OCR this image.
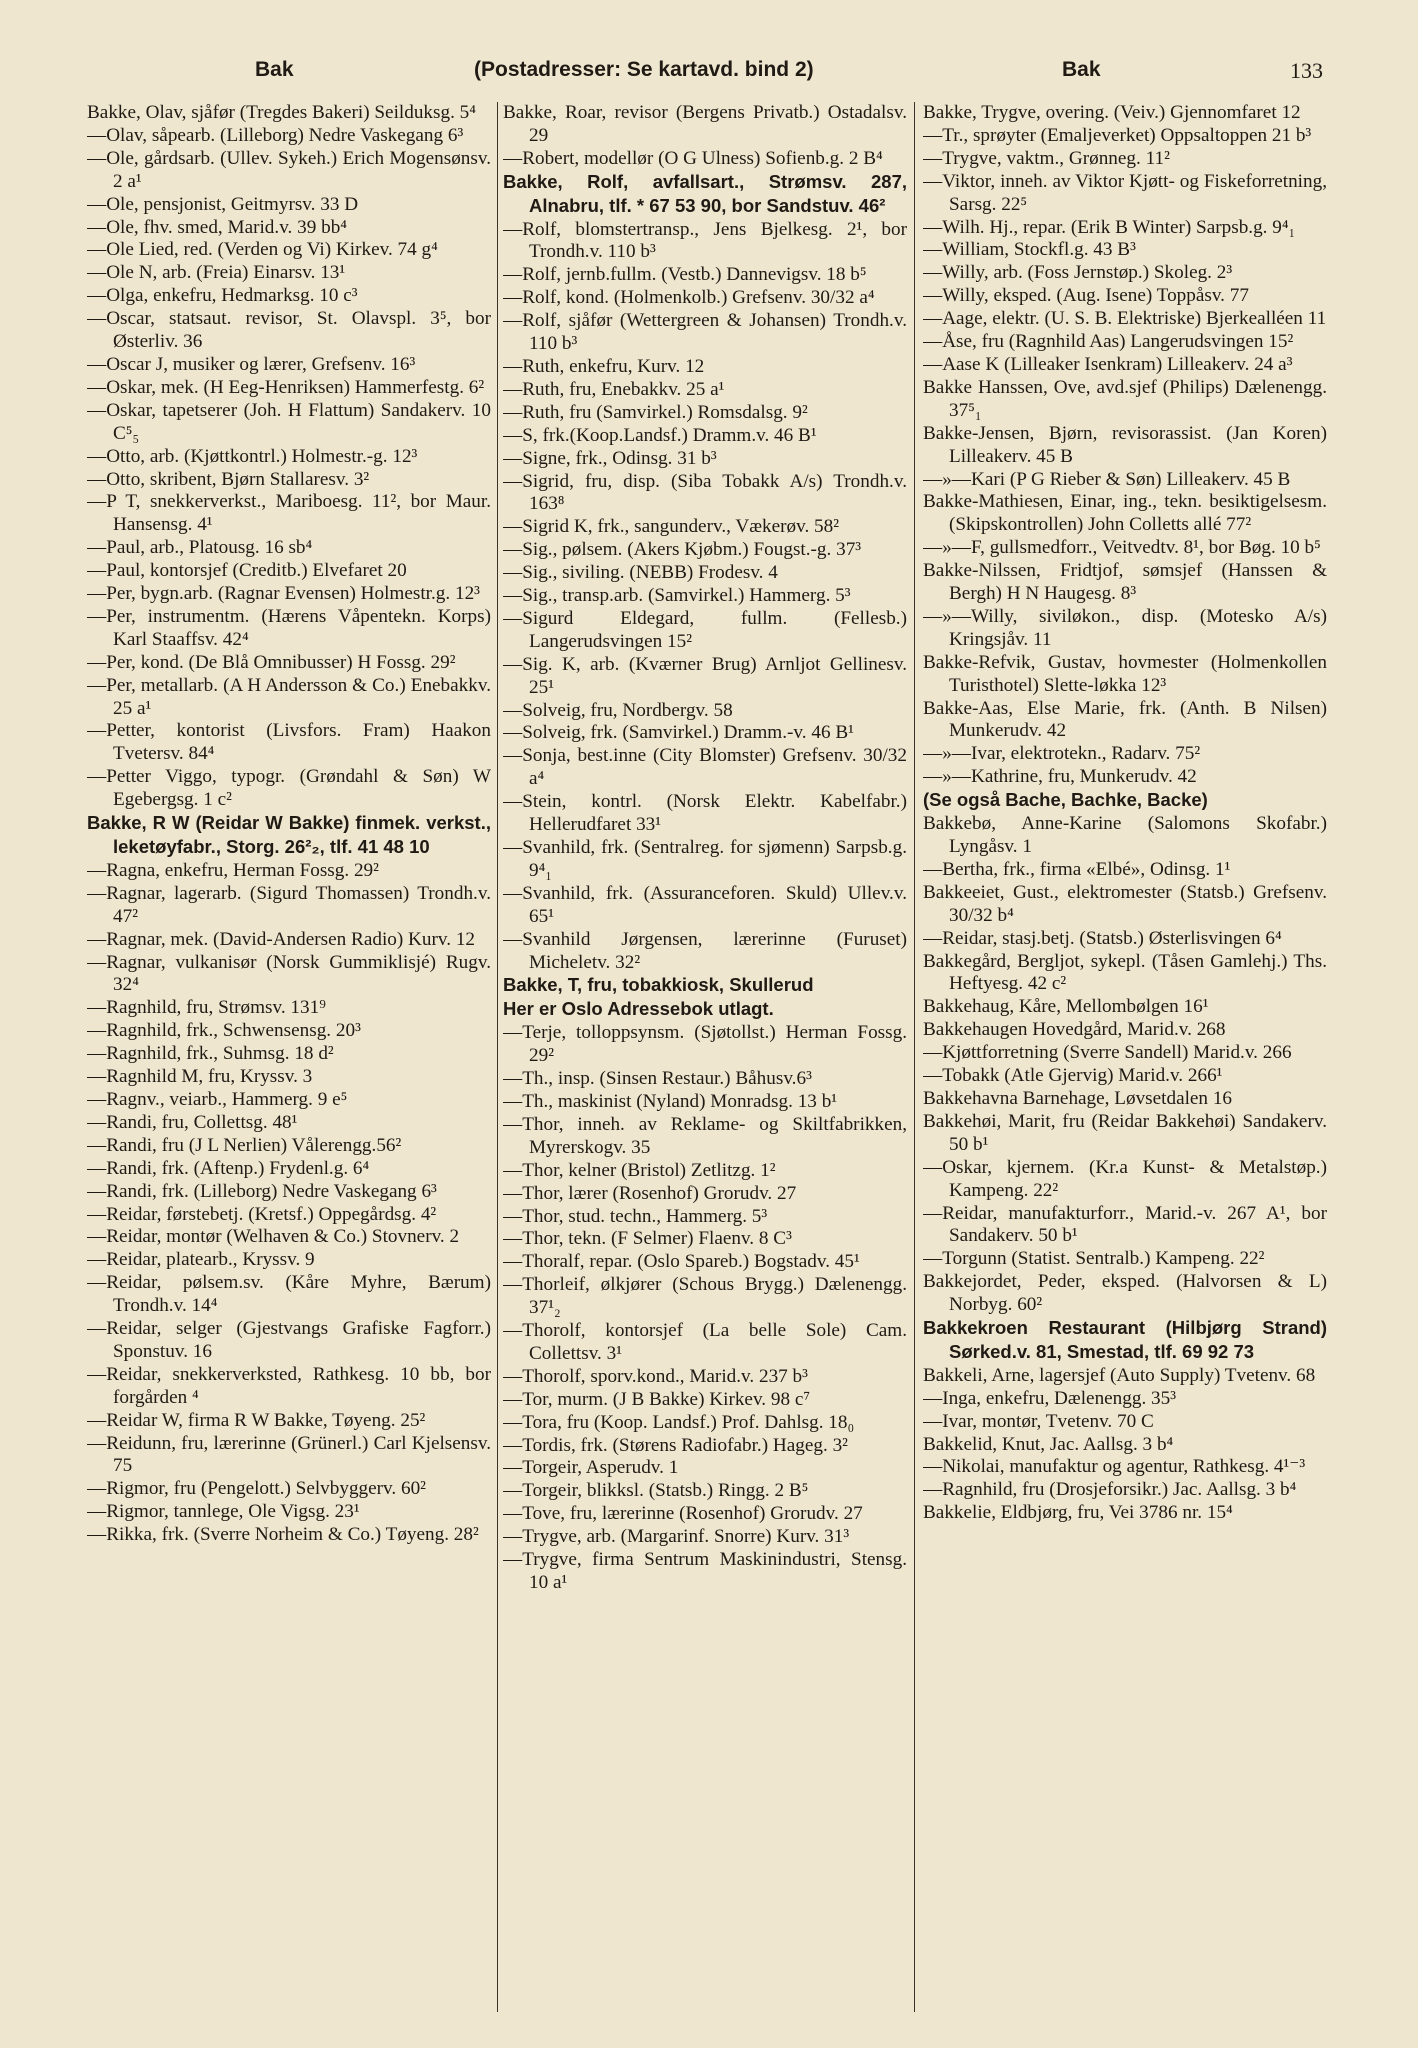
Bak	(Postadresser: Se kartavd. bind 2)	Bak	133
Bakke, Olav, sjåfør (Tregdes Bakeri) Seilduksg. 5⁴
—Olav, såpearb. (Lilleborg) Nedre Vaskegang 6³
—Ole, gårdsarb. (Ullev. Sykeh.) Erich Mogensønsv. 2 a¹
—Ole, pensjonist, Geitmyrsv. 33 D
—Ole, fhv. smed, Marid.v. 39 bb⁴
—Ole Lied, red. (Verden og Vi) Kirkev. 74 g⁴
—Ole N, arb. (Freia) Einarsv. 13¹
—Olga, enkefru, Hedmarksg. 10 c³
—Oscar, statsaut. revisor, St. Olavspl. 3⁵, bor Østerliv. 36
—Oscar J, musiker og lærer, Grefsenv. 16³
—Oskar, mek. (H Eeg-Henriksen) Hammerfestg. 6²
—Oskar, tapetserer (Joh. H Flattum) Sandakerv. 10 C⁵₅
—Otto, arb. (Kjøttkontrl.) Holmestr.-g. 12³
—Otto, skribent, Bjørn Stallaresv. 3²
—P T, snekkerverkst., Mariboesg. 11², bor Maur. Hansensg. 4¹
—Paul, arb., Platousg. 16 sb⁴
—Paul, kontorsjef (Creditb.) Elvefaret 20
—Per, bygn.arb. (Ragnar Evensen) Holmestr.g. 12³
—Per, instrumentm. (Hærens Våpentekn. Korps) Karl Staaffsv. 42⁴
—Per, kond. (De Blå Omnibusser) H Fossg. 29²
—Per, metallarb. (A H Andersson & Co.) Enebakkv. 25 a¹
—Petter, kontorist (Livsfors. Fram) Haakon Tvetersv. 84⁴
—Petter Viggo, typogr. (Grøndahl & Søn) W Egebergsg. 1 c²
Bakke, R W (Reidar W Bakke) finmek. verkst., leketøyfabr., Storg. 26²₂, tlf. 41 48 10
—Ragna, enkefru, Herman Fossg. 29²
—Ragnar, lagerarb. (Sigurd Thomassen) Trondh.v. 47²
—Ragnar, mek. (David-Andersen Radio) Kurv. 12
—Ragnar, vulkanisør (Norsk Gummiklisjé) Rugv. 32⁴
—Ragnhild, fru, Strømsv. 131⁹
—Ragnhild, frk., Schwensensg. 20³
—Ragnhild, frk., Suhmsg. 18 d²
—Ragnhild M, fru, Kryssv. 3
—Ragnv., veiarb., Hammerg. 9 e⁵
—Randi, fru, Collettsg. 48¹
—Randi, fru (J L Nerlien) Vålerengg.56²
—Randi, frk. (Aftenp.) Frydenl.g. 6⁴
—Randi, frk. (Lilleborg) Nedre Vaskegang 6³
—Reidar, førstebetj. (Kretsf.) Oppegårdsg. 4²
—Reidar, montør (Welhaven & Co.) Stovnerv. 2
—Reidar, platearb., Kryssv. 9
—Reidar, pølsem.sv. (Kåre Myhre, Bærum) Trondh.v. 14⁴
—Reidar, selger (Gjestvangs Grafiske Fagforr.) Sponstuv. 16
—Reidar, snekkerverksted, Rathkesg. 10 bb, bor forgården ⁴
—Reidar W, firma R W Bakke, Tøyeng. 25²
—Reidunn, fru, lærerinne (Grünerl.) Carl Kjelsensv. 75
—Rigmor, fru (Pengelott.) Selvbyggerv. 60²
—Rigmor, tannlege, Ole Vigsg. 23¹
—Rikka, frk. (Sverre Norheim & Co.) Tøyeng. 28²
Bakke, Roar, revisor (Bergens Privatb.) Ostadalsv. 29
—Robert, modellør (O G Ulness) Sofienb.g. 2 B⁴
Bakke, Rolf, avfallsart., Strømsv. 287, Alnabru, tlf. * 67 53 90, bor Sandstuv. 46²
—Rolf, blomstertransp., Jens Bjelkesg. 2¹, bor Trondh.v. 110 b³
—Rolf, jernb.fullm. (Vestb.) Dannevigsv. 18 b⁵
—Rolf, kond. (Holmenkolb.) Grefsenv. 30/32 a⁴
—Rolf, sjåfør (Wettergreen & Johansen) Trondh.v. 110 b³
—Ruth, enkefru, Kurv. 12
—Ruth, fru, Enebakkv. 25 a¹
—Ruth, fru (Samvirkel.) Romsdalsg. 9²
—S, frk.(Koop.Landsf.) Dramm.v. 46 B¹
—Signe, frk., Odinsg. 31 b³
—Sigrid, fru, disp. (Siba Tobakk A/s) Trondh.v. 163⁸
—Sigrid K, frk., sangunderv., Vækerøv. 58²
—Sig., pølsem. (Akers Kjøbm.) Fougst.-g. 37³
—Sig., siviling. (NEBB) Frodesv. 4
—Sig., transp.arb. (Samvirkel.) Hammerg. 5³
—Sigurd Eldegard, fullm. (Fellesb.) Langerudsvingen 15²
—Sig. K, arb. (Kværner Brug) Arnljot Gellinesv. 25¹
—Solveig, fru, Nordbergv. 58
—Solveig, frk. (Samvirkel.) Dramm.-v. 46 B¹
—Sonja, best.inne (City Blomster) Grefsenv. 30/32 a⁴
—Stein, kontrl. (Norsk Elektr. Kabelfabr.) Hellerudfaret 33¹
—Svanhild, frk. (Sentralreg. for sjømenn) Sarpsb.g. 9⁴₁
—Svanhild, frk. (Assuranceforen. Skuld) Ullev.v. 65¹
—Svanhild Jørgensen, lærerinne (Furuset) Micheletv. 32²
Bakke, T, fru, tobakkiosk, Skullerud
Her er Oslo Adressebok utlagt.
—Terje, tolloppsynsm. (Sjøtollst.) Herman Fossg. 29²
—Th., insp. (Sinsen Restaur.) Båhusv.6³
—Th., maskinist (Nyland) Monradsg. 13 b¹
—Thor, inneh. av Reklame- og Skiltfabrikken, Myrerskogv. 35
—Thor, kelner (Bristol) Zetlitzg. 1²
—Thor, lærer (Rosenhof) Grorudv. 27
—Thor, stud. techn., Hammerg. 5³
—Thor, tekn. (F Selmer) Flaenv. 8 C³
—Thoralf, repar. (Oslo Spareb.) Bogstadv. 45¹
—Thorleif, ølkjører (Schous Brygg.) Dælenengg. 37¹₂
—Thorolf, kontorsjef (La belle Sole) Cam. Collettsv. 3¹
—Thorolf, sporv.kond., Marid.v. 237 b³
—Tor, murm. (J B Bakke) Kirkev. 98 c⁷
—Tora, fru (Koop. Landsf.) Prof. Dahlsg. 18₀
—Tordis, frk. (Størens Radiofabr.) Hageg. 3²
—Torgeir, Asperudv. 1
—Torgeir, blikksl. (Statsb.) Ringg. 2 B⁵
—Tove, fru, lærerinne (Rosenhof) Grorudv. 27
—Trygve, arb. (Margarinf. Snorre) Kurv. 31³
—Trygve, firma Sentrum Maskinindustri, Stensg. 10 a¹
Bakke, Trygve, overing. (Veiv.) Gjennomfaret 12
—Tr., sprøyter (Emaljeverket) Oppsaltoppen 21 b³
—Trygve, vaktm., Grønneg. 11²
—Viktor, inneh. av Viktor Kjøtt- og Fiskeforretning, Sarsg. 22⁵
—Wilh. Hj., repar. (Erik B Winter) Sarpsb.g. 9⁴₁
—William, Stockfl.g. 43 B³
—Willy, arb. (Foss Jernstøp.) Skoleg. 2³
—Willy, eksped. (Aug. Isene) Toppåsv. 77
—Aage, elektr. (U. S. B. Elektriske) Bjerkealléen 11
—Åse, fru (Ragnhild Aas) Langerudsvingen 15²
—Aase K (Lilleaker Isenkram) Lilleakerv. 24 a³
Bakke Hanssen, Ove, avd.sjef (Philips) Dælenengg. 37⁵₁
Bakke-Jensen, Bjørn, revisorassist. (Jan Koren) Lilleakerv. 45 B
—»—Kari (P G Rieber & Søn) Lilleakerv. 45 B
Bakke-Mathiesen, Einar, ing., tekn. besiktigelsesm. (Skipskontrollen) John Colletts allé 77²
—»—F, gullsmedforr., Veitvedtv. 8¹, bor Bøg. 10 b⁵
Bakke-Nilssen, Fridtjof, sømsjef (Hanssen & Bergh) H N Haugesg. 8³
—»—Willy, siviløkon., disp. (Motesko A/s) Kringsjåv. 11
Bakke-Refvik, Gustav, hovmester (Holmenkollen Turisthotel) Slette-løkka 12³
Bakke-Aas, Else Marie, frk. (Anth. B Nilsen) Munkerudv. 42
—»—Ivar, elektrotekn., Radarv. 75²
—»—Kathrine, fru, Munkerudv. 42
(Se også Bache, Bachke, Backe)
Bakkebø, Anne-Karine (Salomons Skofabr.) Lyngåsv. 1
—Bertha, frk., firma «Elbé», Odinsg. 1¹
Bakkeeiet, Gust., elektromester (Statsb.) Grefsenv. 30/32 b⁴
—Reidar, stasj.betj. (Statsb.) Østerlisvingen 6⁴
Bakkegård, Bergljot, sykepl. (Tåsen Gamlehj.) Ths. Heftyesg. 42 c²
Bakkehaug, Kåre, Mellombølgen 16¹
Bakkehaugen Hovedgård, Marid.v. 268
—Kjøttforretning (Sverre Sandell) Marid.v. 266
—Tobakk (Atle Gjervig) Marid.v. 266¹
Bakkehavna Barnehage, Løvsetdalen 16
Bakkehøi, Marit, fru (Reidar Bakkehøi) Sandakerv. 50 b¹
—Oskar, kjernem. (Kr.a Kunst- & Metalstøp.) Kampeng. 22²
—Reidar, manufakturforr., Marid.-v. 267 A¹, bor Sandakerv. 50 b¹
—Torgunn (Statist. Sentralb.) Kampeng. 22²
Bakkejordet, Peder, eksped. (Halvorsen & L) Norbyg. 60²
Bakkekroen Restaurant (Hilbjørg Strand) Sørked.v. 81, Smestad, tlf. 69 92 73
Bakkeli, Arne, lagersjef (Auto Supply) Tvetenv. 68
—Inga, enkefru, Dælenengg. 35³
—Ivar, montør, Tvetenv. 70 C
Bakkelid, Knut, Jac. Aallsg. 3 b⁴
—Nikolai, manufaktur og agentur, Rathkesg. 4¹⁻³
—Ragnhild, fru (Drosjeforsikr.) Jac. Aallsg. 3 b⁴
Bakkelie, Eldbjørg, fru, Vei 3786 nr. 15⁴
